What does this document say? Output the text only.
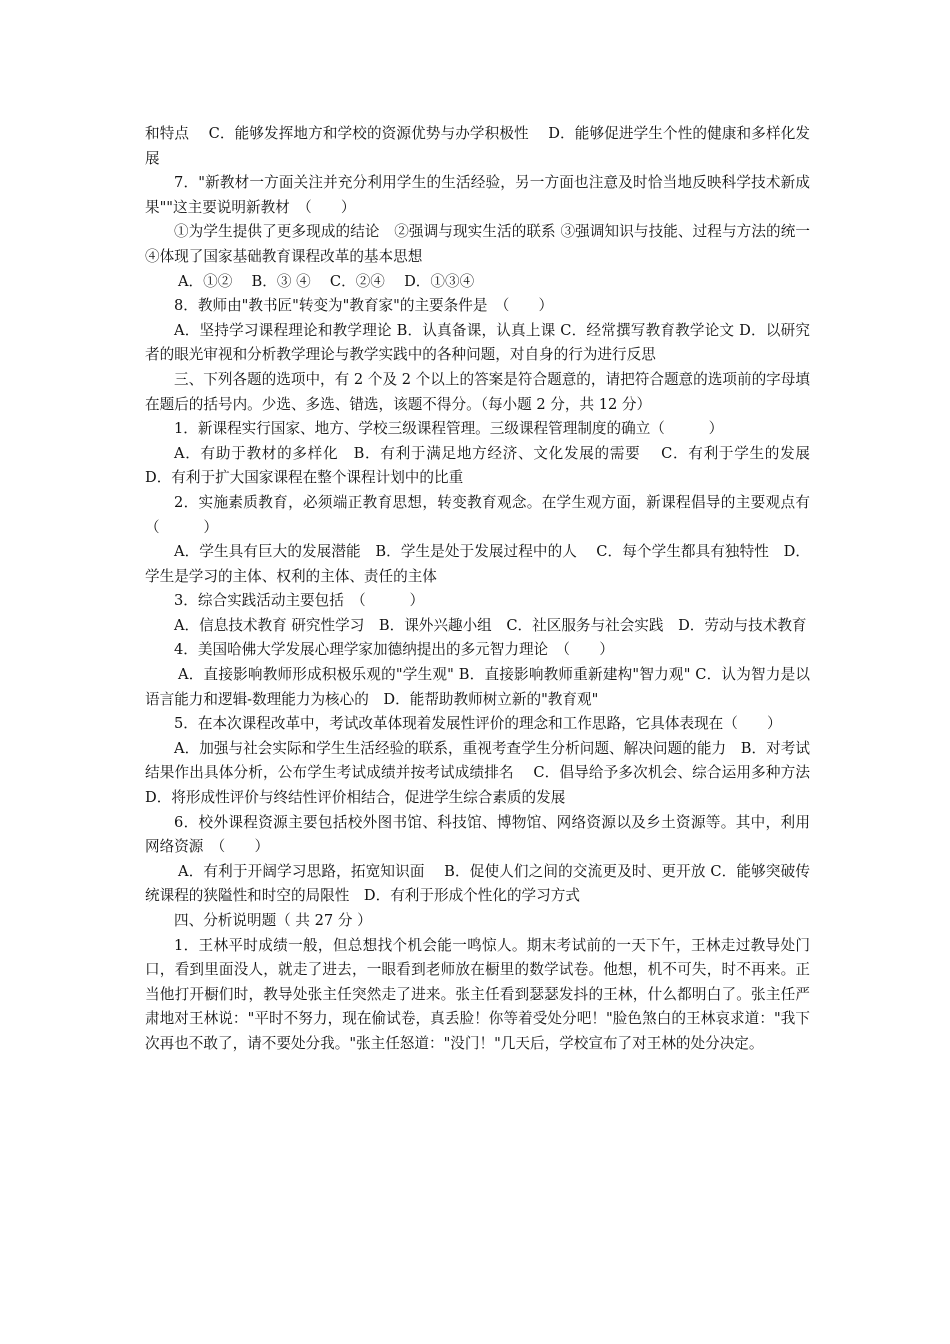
和特点　 C．能够发挥地方和学校的资源优势与办学积极性　 D．能够促进学生个性的健康和多样化发展

7．"新教材一方面关注并充分利用学生的生活经验，另一方面也注意及时恰当地反映科学技术新成果""这主要说明新教材　（　　）

①为学生提供了更多现成的结论　②强调与现实生活的联系 ③强调知识与技能、过程与方法的统一　④体现了国家基础教育课程改革的基本思想

A．①②　 B．③ ④　 C．②④　 D．①③④

8．教师由"教书匠"转变为"教育家"的主要条件是　（　　）

A．坚持学习课程理论和教学理论 B．认真备课，认真上课 C．经常撰写教育教学论文 D．以研究者的眼光审视和分析教学理论与教学实践中的各种问题，对自身的行为进行反思

三、下列各题的选项中，有 2 个及 2 个以上的答案是符合题意的，请把符合题意的选项前的字母填在题后的括号内。少选、多选、错选，该题不得分。（每小题 2 分，共 12 分）

1．新课程实行国家、地方、学校三级课程管理。三级课程管理制度的确立（　　　）

A．有助于教材的多样化　B．有利于满足地方经济、文化发展的需要　 C．有利于学生的发展　D．有利于扩大国家课程在整个课程计划中的比重

2．实施素质教育，必须端正教育思想，转变教育观念。在学生观方面，新课程倡导的主要观点有　（　　　）

A．学生具有巨大的发展潜能　B．学生是处于发展过程中的人　 C．每个学生都具有独特性　D．学生是学习的主体、权利的主体、责任的主体

3．综合实践活动主要包括　（　　　）

A．信息技术教育 研究性学习　B．课外兴趣小组　C．社区服务与社会实践　D．劳动与技术教育

4．美国哈佛大学发展心理学家加德纳提出的多元智力理论　（　　）

A．直接影响教师形成积极乐观的"学生观" B．直接影响教师重新建构"智力观" C．认为智力是以语言能力和逻辑-数理能力为核心的　D．能帮助教师树立新的"教育观"

5．在本次课程改革中，考试改革体现着发展性评价的理念和工作思路，它具体表现在（　　）

A．加强与社会实际和学生生活经验的联系，重视考查学生分析问题、解决问题的能力　B．对考试结果作出具体分析，公布学生考试成绩并按考试成绩排名　 C．倡导给予多次机会、综合运用多种方法　 D．将形成性评价与终结性评价相结合，促进学生综合素质的发展

6．校外课程资源主要包括校外图书馆、科技馆、博物馆、网络资源以及乡土资源等。其中，利用网络资源　（　　）

A．有利于开阔学习思路，拓宽知识面　 B．促使人们之间的交流更及时、更开放 C．能够突破传统课程的狭隘性和时空的局限性　D．有利于形成个性化的学习方式

四、分析说明题（ 共 27 分 ）

1．王林平时成绩一般，但总想找个机会能一鸣惊人。期末考试前的一天下午，王林走过教导处门口，看到里面没人，就走了进去，一眼看到老师放在橱里的数学试卷。他想，机不可失，时不再来。正当他打开橱们时，教导处张主任突然走了进来。张主任看到瑟瑟发抖的王林，什么都明白了。张主任严肃地对王林说："平时不努力，现在偷试卷，真丢脸！你等着受处分吧！"脸色煞白的王林哀求道："我下次再也不敢了，请不要处分我。"张主任怒道："没门！"几天后，学校宣布了对王林的处分决定。
